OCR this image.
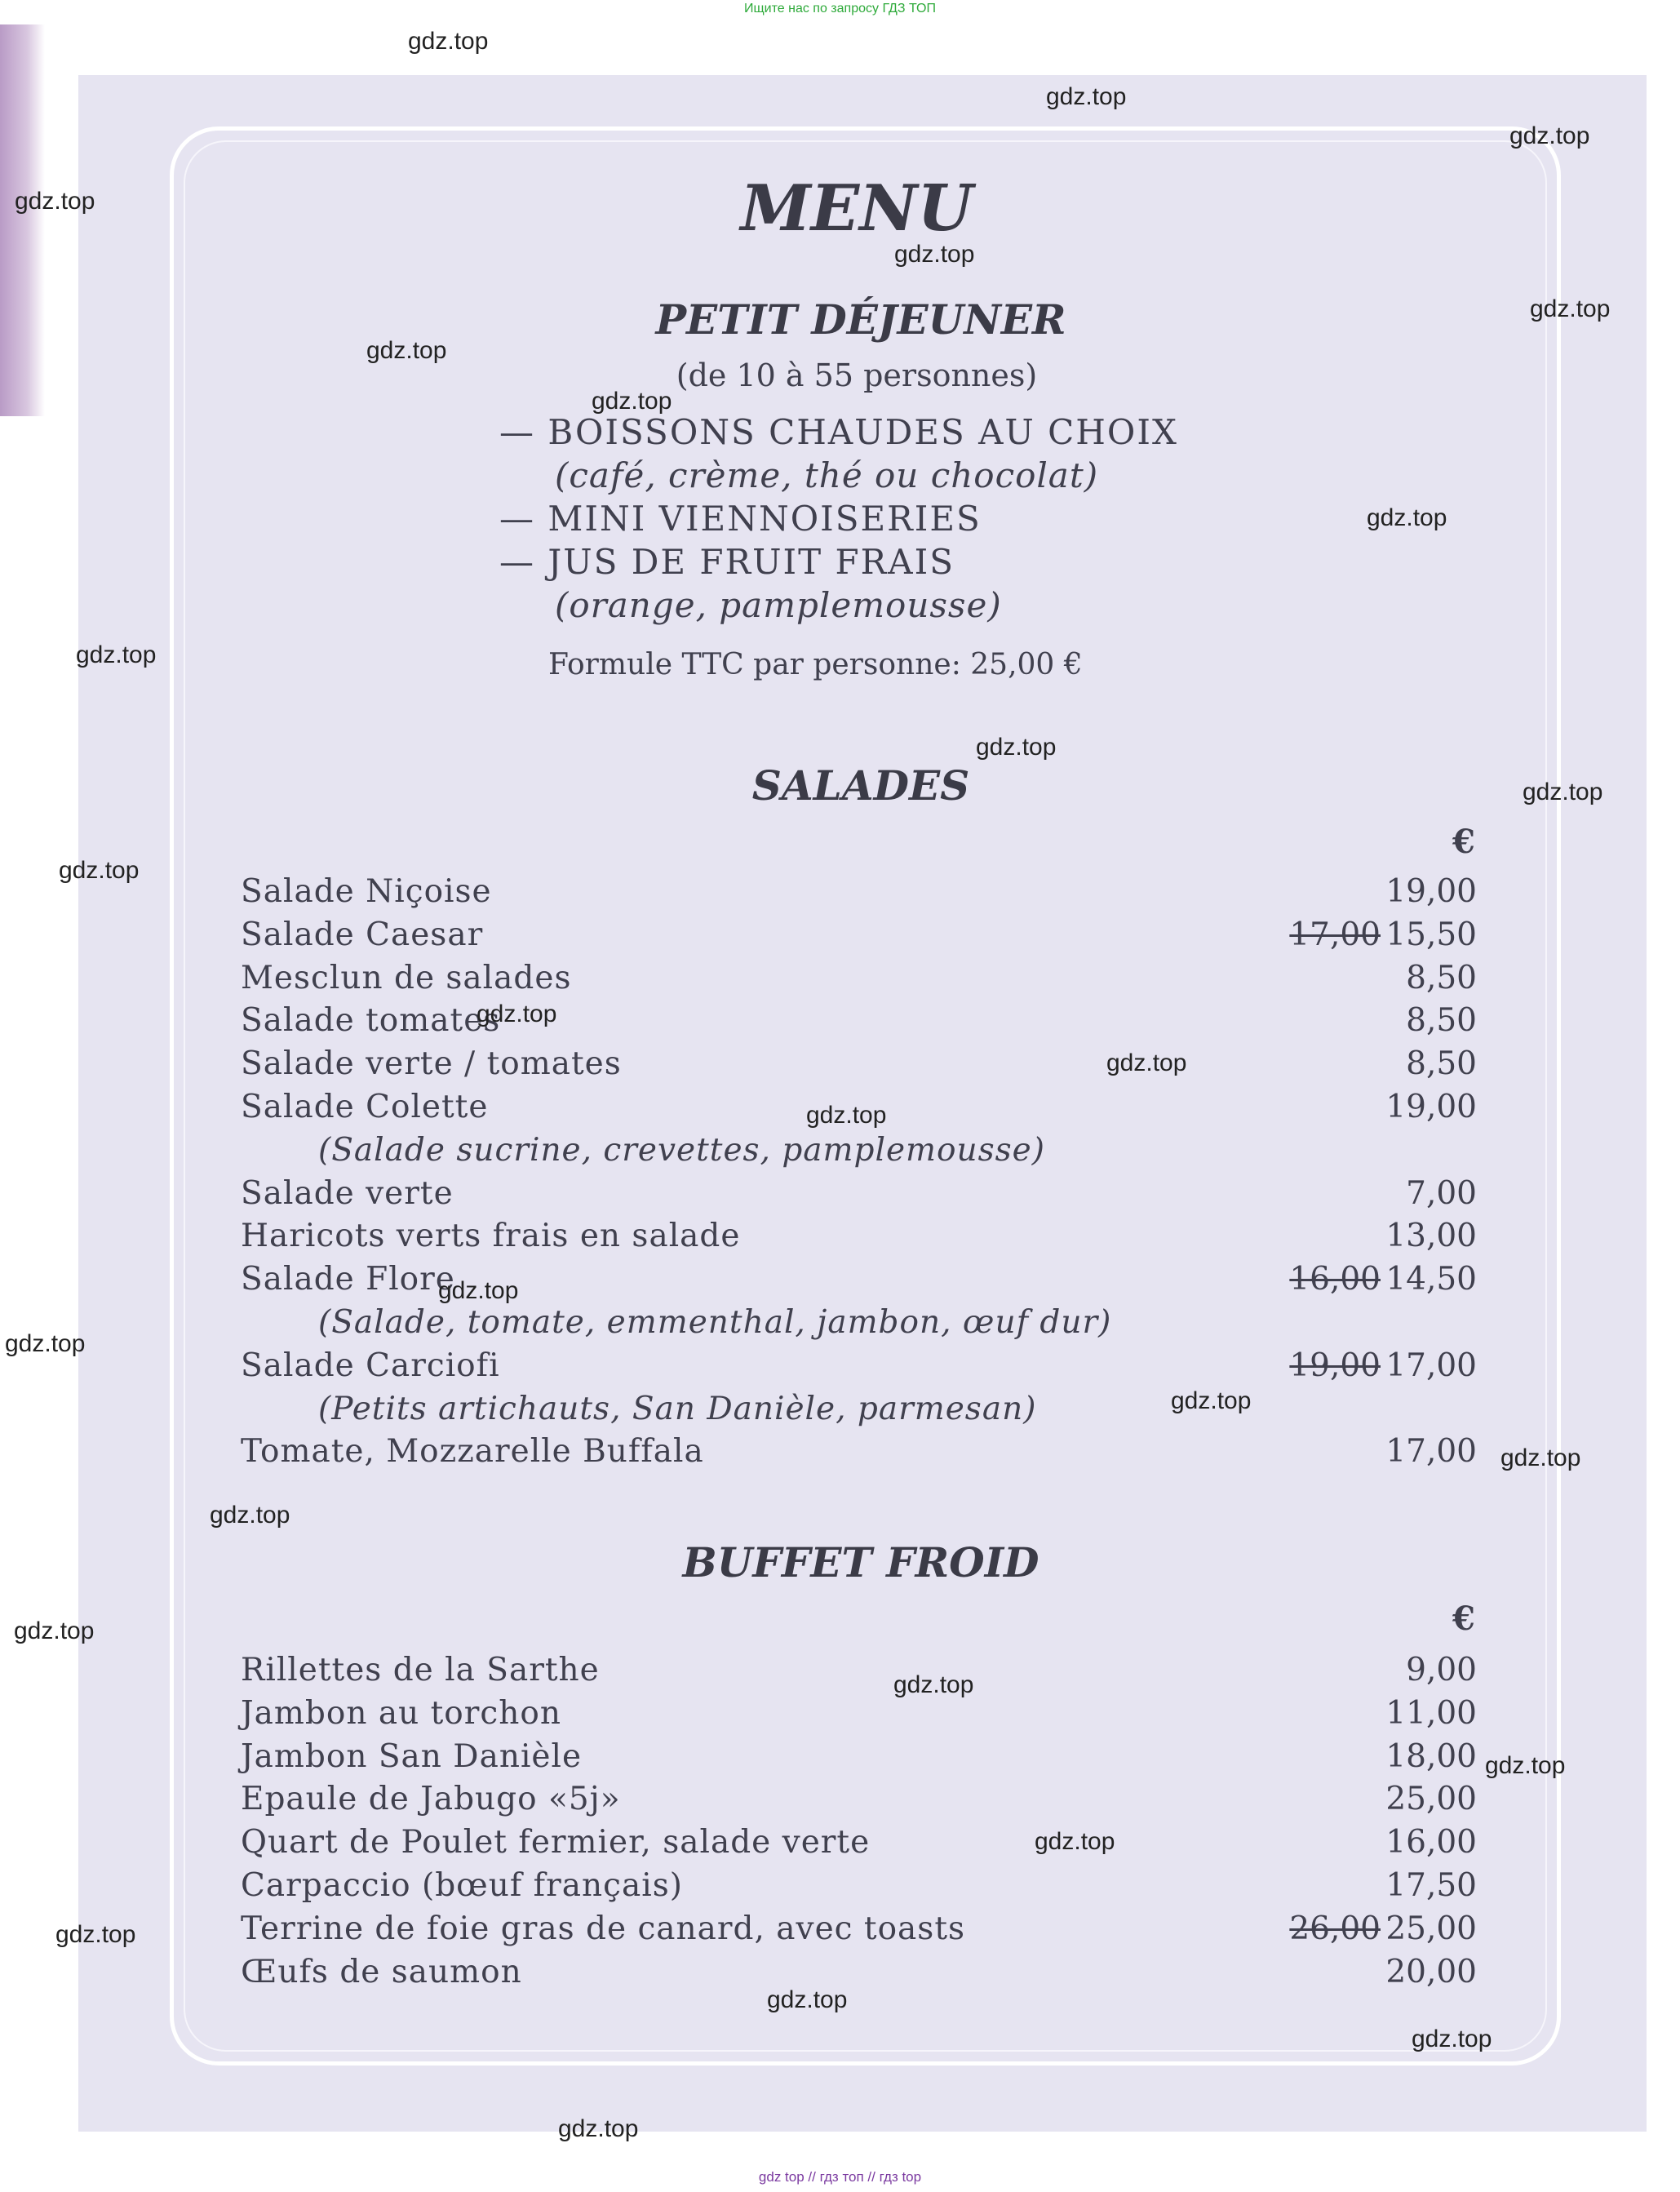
Ищите нас по запросу ГДЗ ТОП
MENU
PETIT DÉJEUNER
(de 10 à 55 personnes)
— BOISSONS CHAUDES AU CHOIX
(café, crème, thé ou chocolat)
— MINI VIENNOISERIES
— JUS DE FRUIT FRAIS
(orange, pamplemousse)
Formule TTC par personne: 25,00 €
SALADES
€
Salade Niçoise	19,00
Salade Caesar	17,00 15,50
Mesclun de salades	8,50
Salade tomates	8,50
Salade verte / tomates	8,50
Salade Colette	19,00
(Salade sucrine, crevettes, pamplemousse)
Salade verte	7,00
Haricots verts frais en salade	13,00
Salade Flore	16,00 14,50
(Salade, tomate, emmenthal, jambon, œuf dur)
Salade Carciofi	19,00 17,00
(Petits artichauts, San Danièle, parmesan)
Tomate, Mozzarelle Buffala	17,00
BUFFET FROID
€
Rillettes de la Sarthe	9,00
Jambon au torchon	11,00
Jambon San Danièle	18,00
Epaule de Jabugo «5j»	25,00
Quart de Poulet fermier, salade verte	16,00
Carpaccio (bœuf français)	17,50
Terrine de foie gras de canard, avec toasts	26,00 25,00
Œufs de saumon	20,00
gdz.top
gdz.top
gdz.top
gdz.top
gdz.top
gdz.top
gdz.top
gdz.top
gdz.top
gdz.top
gdz.top
gdz.top
gdz.top
gdz.top
gdz.top
gdz.top
gdz.top
gdz.top
gdz.top
gdz.top
gdz.top
gdz.top
gdz.top
gdz.top
gdz.top
gdz.top
gdz.top
gdz.top
gdz.top
gdz top // гдз топ // гдз top
